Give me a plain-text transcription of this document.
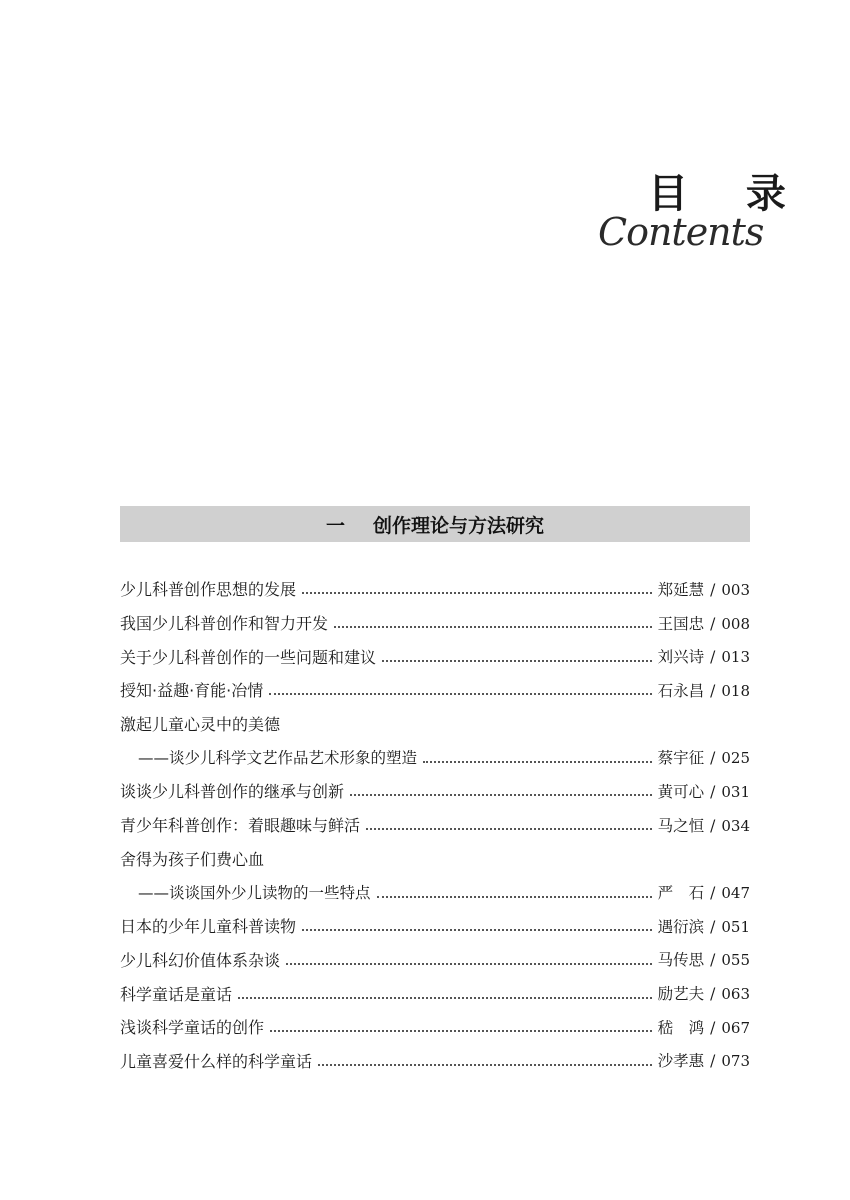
目 录
Contents
一 创作理论与方法研究
少儿科普创作思想的发展	郑延慧 / 003
我国少儿科普创作和智力开发	王国忠 / 008
关于少儿科普创作的一些问题和建议	刘兴诗 / 013
授知·益趣·育能·冶情	石永昌 / 018
激起儿童心灵中的美德
——谈少儿科学文艺作品艺术形象的塑造	蔡宇征 / 025
谈谈少儿科普创作的继承与创新	黄可心 / 031
青少年科普创作：着眼趣味与鲜活	马之恒 / 034
舍得为孩子们费心血
——谈谈国外少儿读物的一些特点	严　石 / 047
日本的少年儿童科普读物	遇衍滨 / 051
少儿科幻价值体系杂谈	马传思 / 055
科学童话是童话	励艺夫 / 063
浅谈科学童话的创作	嵇　鸿 / 067
儿童喜爱什么样的科学童话	沙孝惠 / 073
